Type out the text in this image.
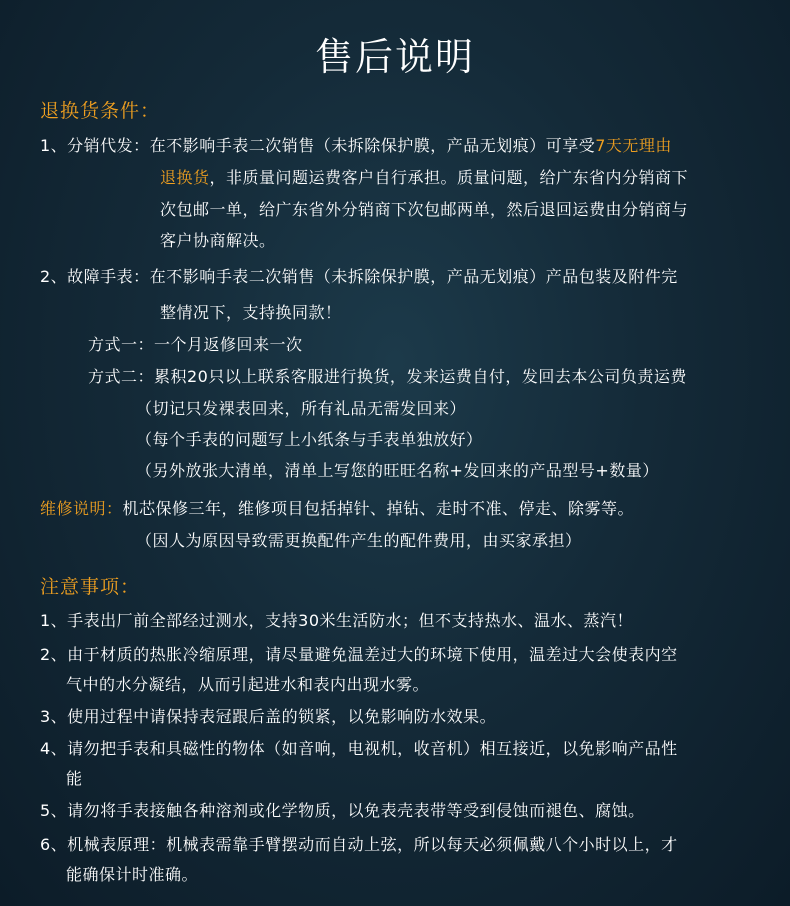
售后说明
退换货条件：
1、分销代发：在不影响手表二次销售（未拆除保护膜，产品无划痕）可享受7天无理由
退换货，非质量问题运费客户自行承担。质量问题，给广东省内分销商下
次包邮一单，给广东省外分销商下次包邮两单，然后退回运费由分销商与
客户协商解决。
2、故障手表：在不影响手表二次销售（未拆除保护膜，产品无划痕）产品包装及附件完
整情况下，支持换同款！
方式一：一个月返修回来一次
方式二：累积20只以上联系客服进行换货，发来运费自付，发回去本公司负责运费
（切记只发裸表回来，所有礼品无需发回来）
（每个手表的问题写上小纸条与手表单独放好）
（另外放张大清单，清单上写您的旺旺名称+发回来的产品型号+数量）
维修说明：机芯保修三年，维修项目包括掉针、掉钻、走时不准、停走、除雾等。
（因人为原因导致需更换配件产生的配件费用，由买家承担）
注意事项：
1、手表出厂前全部经过测水，支持30米生活防水；但不支持热水、温水、蒸汽！
2、由于材质的热胀冷缩原理，请尽量避免温差过大的环境下使用，温差过大会使表内空
气中的水分凝结，从而引起进水和表内出现水雾。
3、使用过程中请保持表冠跟后盖的锁紧，以免影响防水效果。
4、请勿把手表和具磁性的物体（如音响，电视机，收音机）相互接近，以免影响产品性
能
5、请勿将手表接触各种溶剂或化学物质，以免表壳表带等受到侵蚀而褪色、腐蚀。
6、机械表原理：机械表需靠手臂摆动而自动上弦，所以每天必须佩戴八个小时以上，才
能确保计时准确。
